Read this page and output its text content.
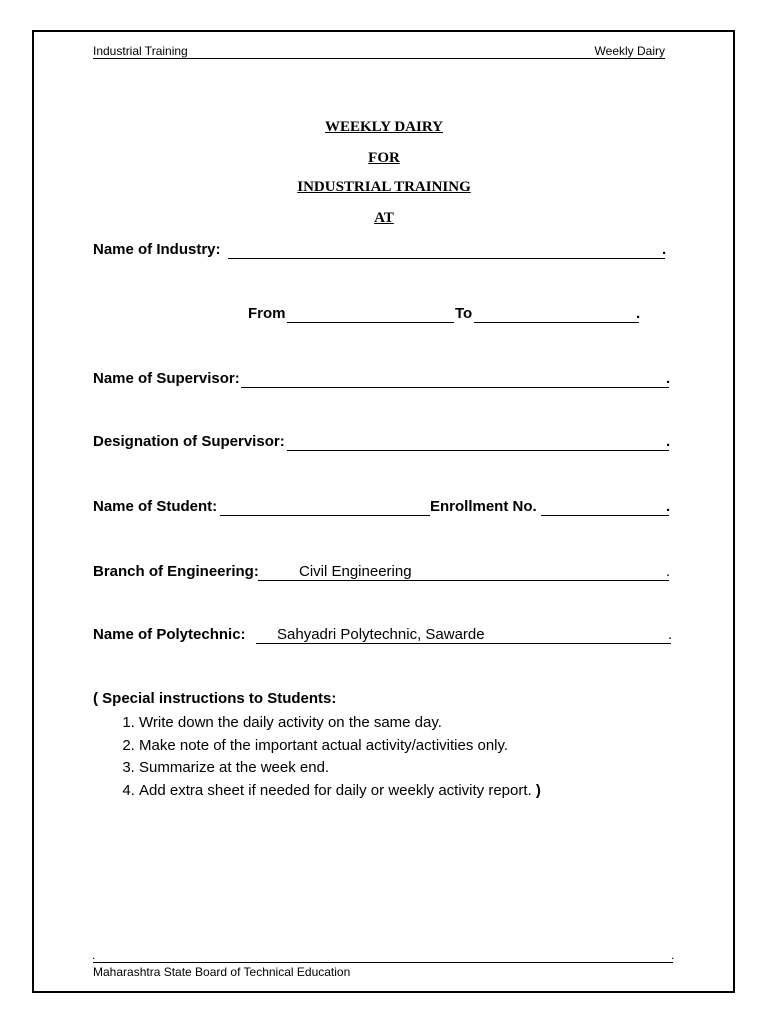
Industrial Training	Weekly Dairy
WEEKLY DAIRY
FOR
INDUSTRIAL TRAINING
AT
Name of Industry:	.
From	To	.
Name of Supervisor:	.
Designation of Supervisor:	.
Name of Student:	Enrollment No.	.
Branch of Engineering:	Civil Engineering	.
Name of Polytechnic: Sahyadri Polytechnic, Sawarde	.
( Special instructions to Students:
1. Write down the daily activity on the same day.
2. Make note of the important actual activity/activities only.
3. Summarize at the week end.
4. Add extra sheet if needed for daily or weekly activity report. )
.	.
Maharashtra State Board of Technical Education
